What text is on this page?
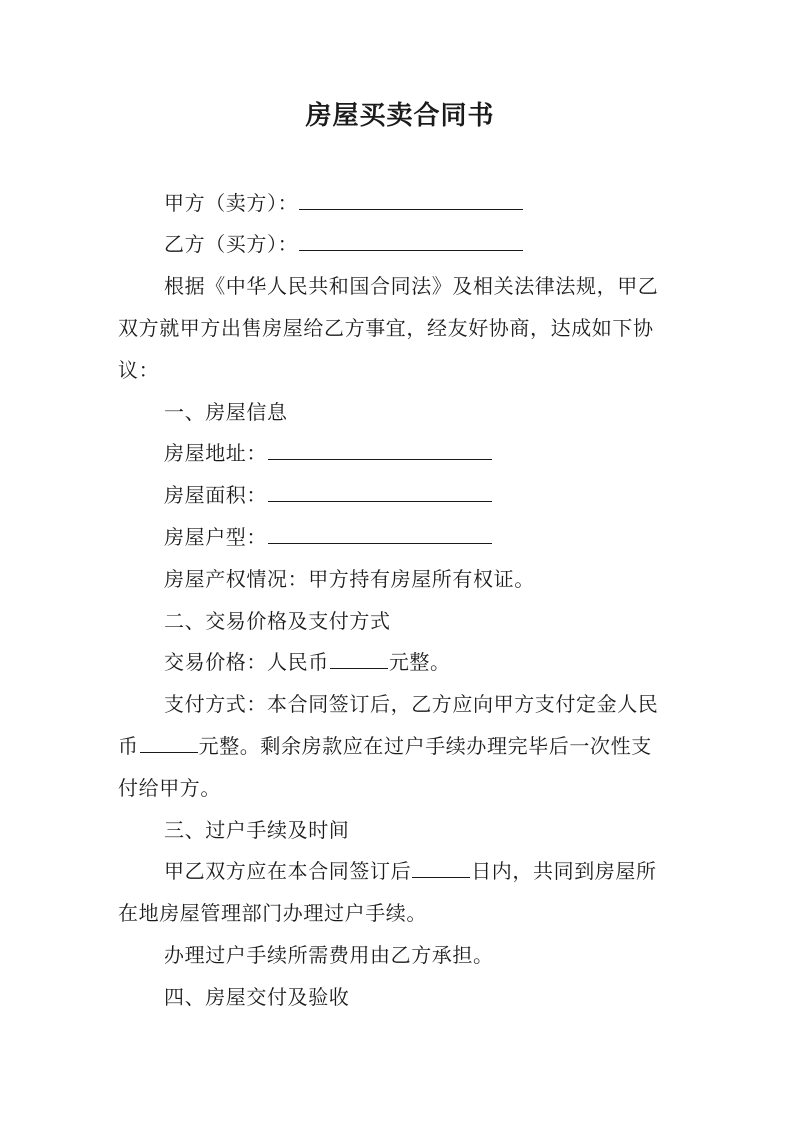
房屋买卖合同书
甲方（卖方）：
乙方（买方）：
根据《中华人民共和国合同法》及相关法律法规，甲乙
双方就甲方出售房屋给乙方事宜，经友好协商，达成如下协
议：
一、房屋信息
房屋地址：
房屋面积：
房屋户型：
房屋产权情况：甲方持有房屋所有权证。
二、交易价格及支付方式
交易价格：人民币	元整。
支付方式：本合同签订后，乙方应向甲方支付定金人民
币	元整。剩余房款应在过户手续办理完毕后一次性支
付给甲方。
三、过户手续及时间
甲乙双方应在本合同签订后	日内，共同到房屋所
在地房屋管理部门办理过户手续。
办理过户手续所需费用由乙方承担。
四、房屋交付及验收
